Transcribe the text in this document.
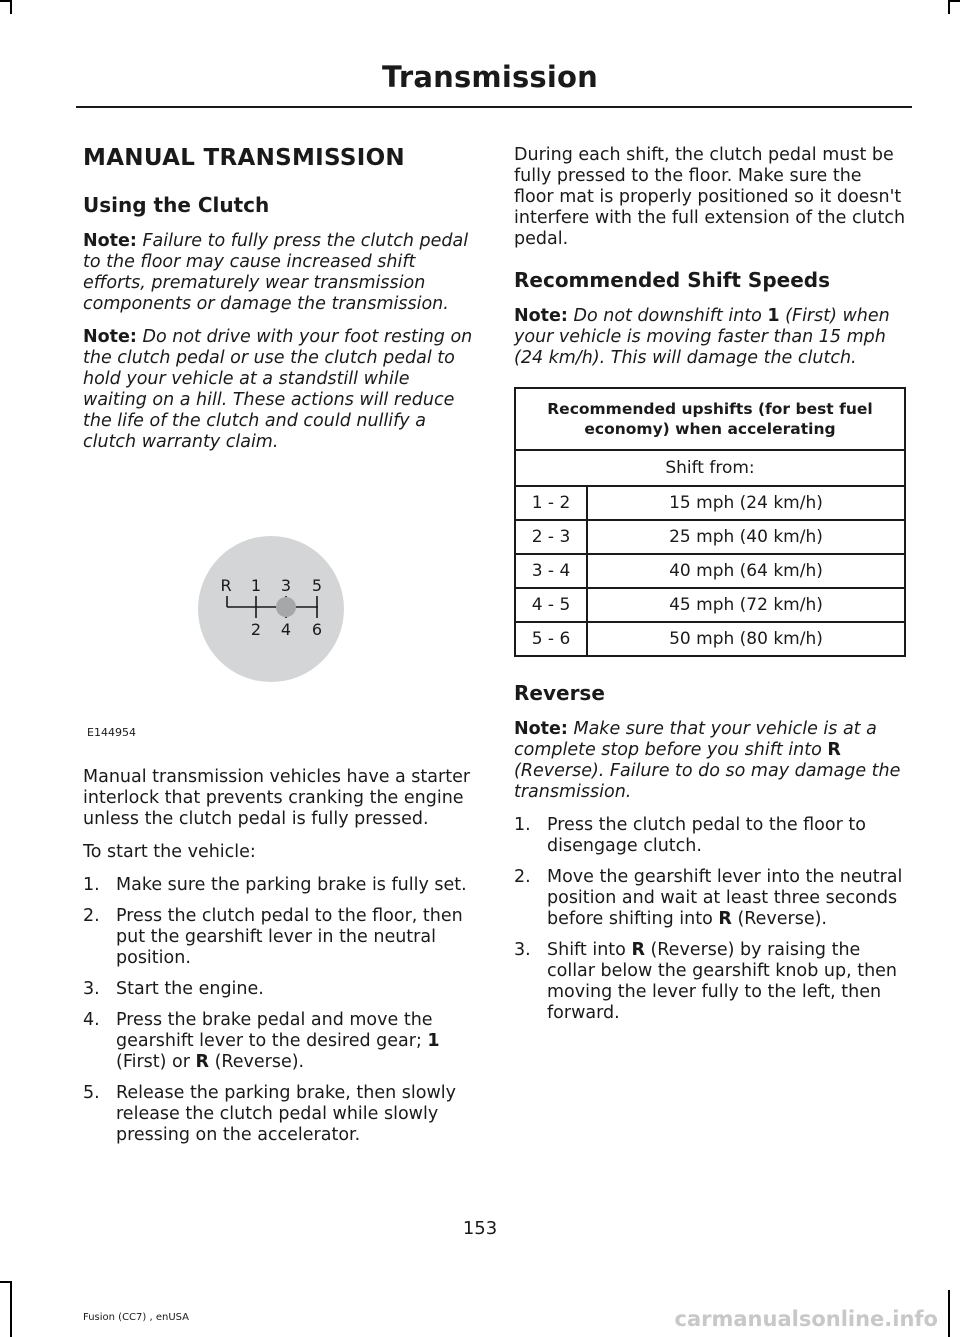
Transmission
MANUAL TRANSMISSION
Using the Clutch

Note: Failure to fully press the clutch pedal to the floor may cause increased shift efforts, prematurely wear transmission components or damage the transmission.

Note: Do not drive with your foot resting on the clutch pedal or use the clutch pedal to hold your vehicle at a standstill while waiting on a hill. These actions will reduce the life of the clutch and could nullify a clutch warranty claim.

R 1 3 5
2 4 6
E144954

Manual transmission vehicles have a starter interlock that prevents cranking the engine unless the clutch pedal is fully pressed.

To start the vehicle:

1. Make sure the parking brake is fully set.
2. Press the clutch pedal to the floor, then put the gearshift lever in the neutral position.
3. Start the engine.
4. Press the brake pedal and move the gearshift lever to the desired gear; 1 (First) or R (Reverse).
5. Release the parking brake, then slowly release the clutch pedal while slowly pressing on the accelerator.

During each shift, the clutch pedal must be fully pressed to the floor. Make sure the floor mat is properly positioned so it doesn't interfere with the full extension of the clutch pedal.

Recommended Shift Speeds

Note: Do not downshift into 1 (First) when your vehicle is moving faster than 15 mph (24 km/h). This will damage the clutch.

Recommended upshifts (for best fuel economy) when accelerating	
Shift from:	
1 - 2	15 mph (24 km/h)
2 - 3	25 mph (40 km/h)
3 - 4	40 mph (64 km/h)
4 - 5	45 mph (72 km/h)
5 - 6	50 mph (80 km/h)
Reverse

Note: Make sure that your vehicle is at a complete stop before you shift into R (Reverse). Failure to do so may damage the transmission.

1. Press the clutch pedal to the floor to disengage clutch.
2. Move the gearshift lever into the neutral position and wait at least three seconds before shifting into R (Reverse).
3. Shift into R (Reverse) by raising the collar below the gearshift knob up, then moving the lever fully to the left, then forward.
153
Fusion (CC7) , enUSA	carmanualsonline.info
